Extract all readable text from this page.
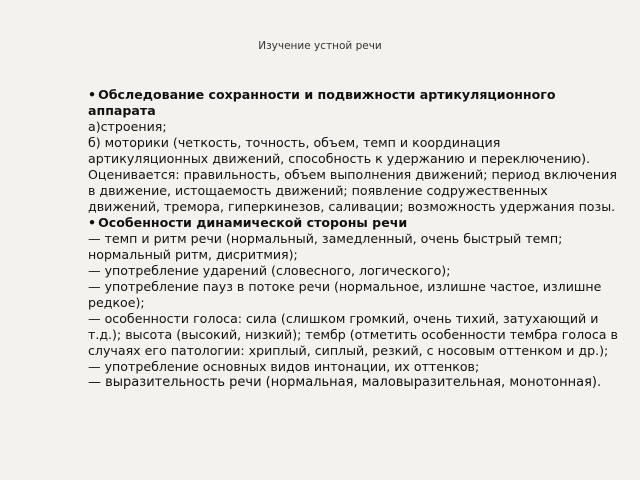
Изучение устной речи
• Обследование сохранности и подвижности артикуляционного аппарата

а)строения;

б) моторики (четкость, точность, объем, темп и координация артикуляционных движений, способность к удержанию и переключению).

Оценивается: правильность, объем выполнения движений; период включения в движение, истощаемость движений; появление содружественных движений, тремора, гиперкинезов, саливации; возможность удержания позы.

• Особенности динамической стороны речи

— темп и ритм речи (нормальный, замедленный, очень быстрый темп; нормальный ритм, дисритмия);

— употребление ударений (словесного, логического);

— употребление пауз в потоке речи (нормальное, излишне частое, излишне редкое);

— особенности голоса: сила (слишком громкий, очень тихий, затухающий и т.д.); высота (высокий, низкий); тембр (отметить особенности тембра голоса в случаях его патологии: хриплый, сиплый, резкий, с носовым оттенком и др.);

— употребление основных видов интонации, их оттенков;

— выразительность речи (нормальная, маловыразительная, монотонная).
